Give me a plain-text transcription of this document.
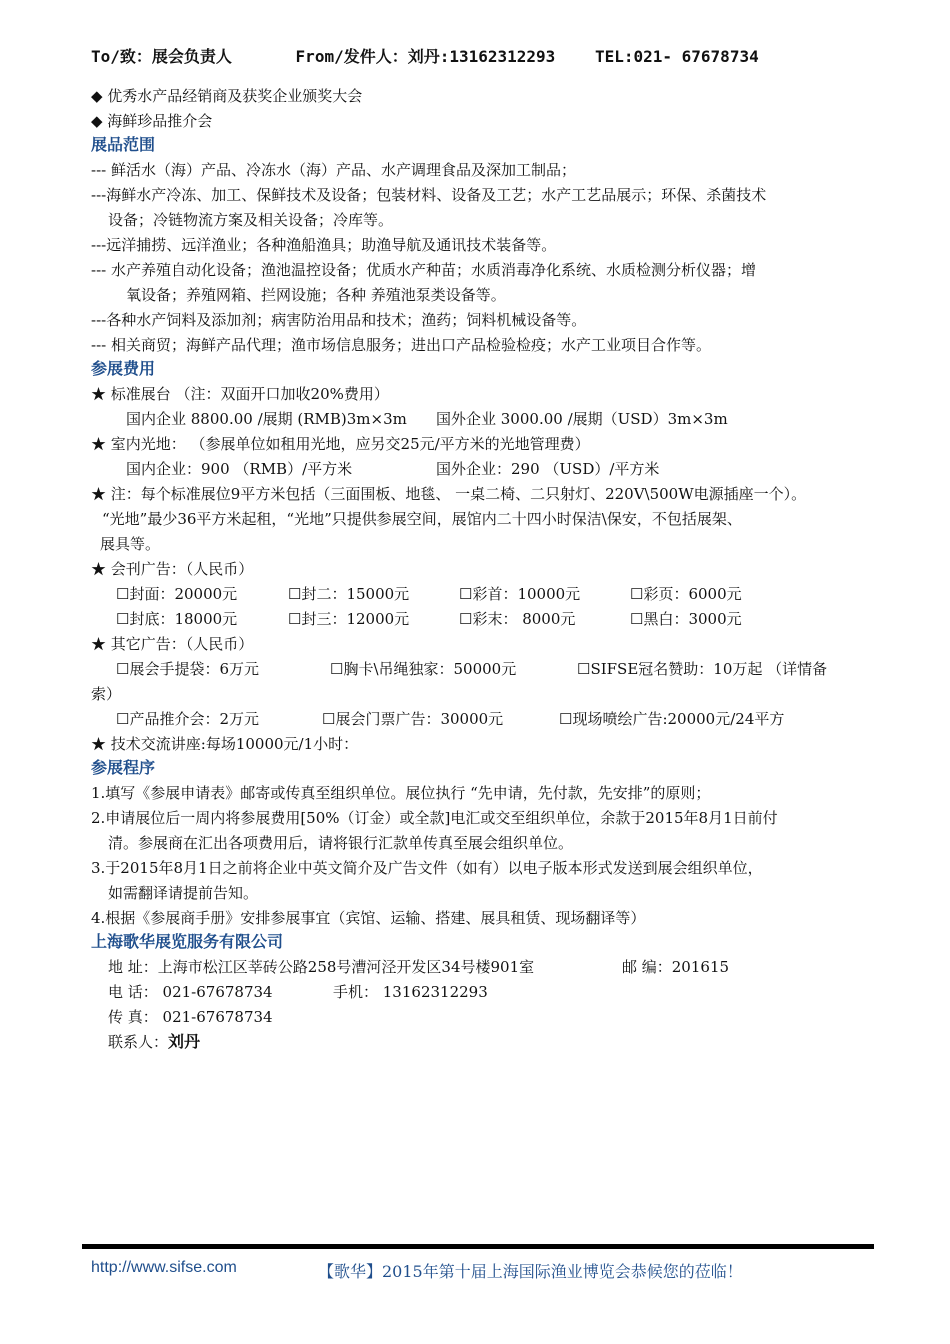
To/致：展会负责人	From/发件人：刘丹:13162312293 TEL:021- 67678734
◆ 优秀水产品经销商及获奖企业颁奖大会
◆ 海鲜珍品推介会
展品范围
--- 鲜活水（海）产品、冷冻水（海）产品、水产调理食品及深加工制品；
---海鲜水产冷冻、加工、保鲜技术及设备；包装材料、设备及工艺；水产工艺品展示；环保、杀菌技术
设备；冷链物流方案及相关设备；冷库等。
---远洋捕捞、远洋渔业；各种渔船渔具；助渔导航及通讯技术装备等。
--- 水产养殖自动化设备；渔池温控设备；优质水产种苗；水质消毒净化系统、水质检测分析仪器；增
氧设备；养殖网箱、拦网设施；各种 养殖池泵类设备等。
---各种水产饲料及添加剂；病害防治用品和技术；渔药；饲料机械设备等。
--- 相关商贸；海鲜产品代理；渔市场信息服务；进出口产品检验检疫；水产工业项目合作等。
参展费用
★ 标准展台 （注：双面开口加收20%费用）
国内企业 8800.00 /展期 (RMB)3m×3m 国外企业 3000.00 /展期（USD）3m×3m
★ 室内光地： （参展单位如租用光地，应另交25元/平方米的光地管理费）
国内企业：900 （RMB）/平方米	国外企业：290 （USD）/平方米
★ 注：每个标准展位9平方米包括（三面围板、地毯、 一桌二椅、二只射灯、220V\500W电源插座一个）。
“光地”最少36平方米起租，“光地”只提供参展空间，展馆内二十四小时保洁\保安，不包括展架、
展具等。
★ 会刊广告：（人民币）
☐封面：20000元	☐封二：15000元	☐彩首：10000元	☐彩页：6000元
☐封底：18000元	☐封三：12000元	☐彩末： 8000元	☐黑白：3000元
★ 其它广告：（人民币）
☐展会手提袋：6万元	☐胸卡\吊绳独家：50000元	☐SIFSE冠名赞助：10万起 （详情备
索）
☐产品推介会：2万元	☐展会门票广告：30000元	☐现场喷绘广告:20000元/24平方
★ 技术交流讲座:每场10000元/1小时：
参展程序
1.填写《参展申请表》邮寄或传真至组织单位。展位执行 “先申请，先付款，先安排”的原则；
2.申请展位后一周内将参展费用[50%（订金）或全款]电汇或交至组织单位，余款于2015年8月1日前付
清。参展商在汇出各项费用后，请将银行汇款单传真至展会组织单位。
3.于2015年8月1日之前将企业中英文简介及广告文件（如有）以电子版本形式发送到展会组织单位，
如需翻译请提前告知。
4.根据《参展商手册》安排参展事宜（宾馆、运输、搭建、展具租赁、现场翻译等）
上海歌华展览服务有限公司
地 址：上海市松江区莘砖公路258号漕河泾开发区34号楼901室	邮 编：201615
电 话： 021-67678734	手机： 13162312293
传 真： 021-67678734
联系人：刘丹
http://www.sifse.com	【歌华】2015年第十届上海国际渔业博览会恭候您的莅临！
